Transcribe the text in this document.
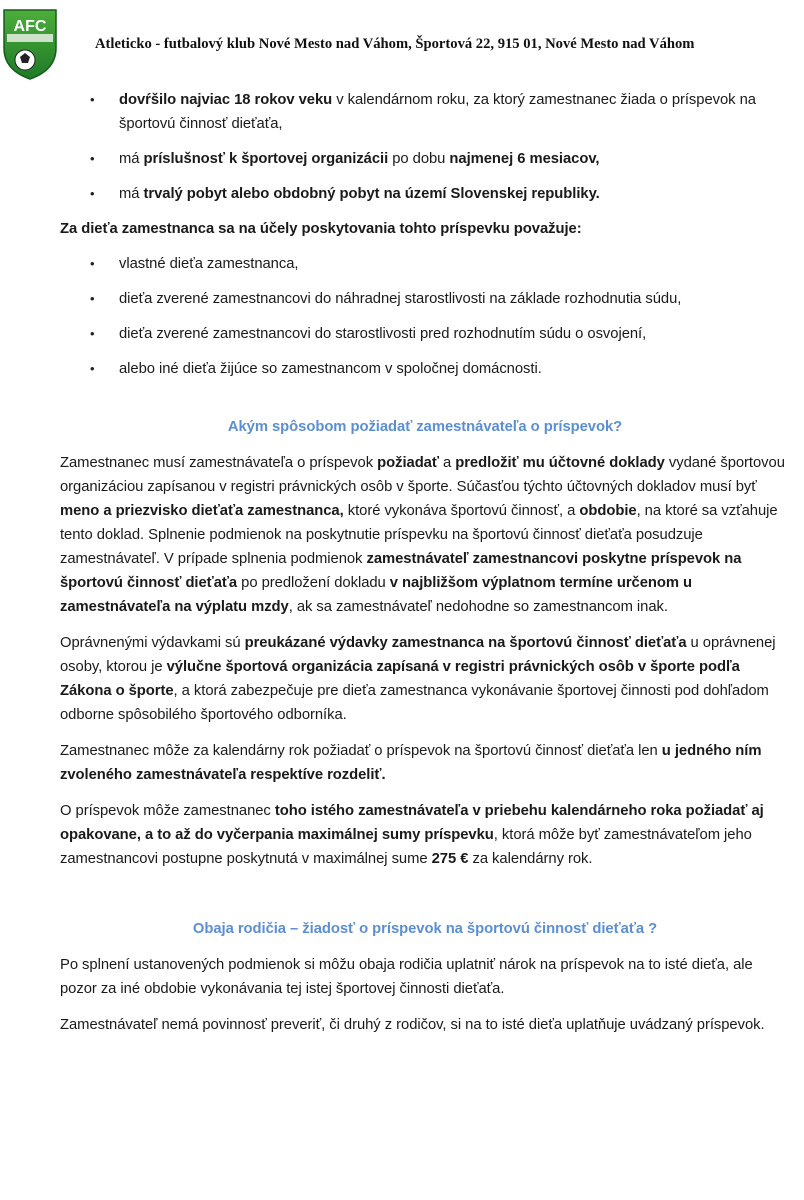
AFC
Atleticko - futbalový klub Nové Mesto nad Váhom, Športová 22, 915 01, Nové Mesto nad Váhom
• dovŕšilo najviac 18 rokov veku v kalendárnom roku, za ktorý zamestnanec žiada o príspevok na športovú činnosť dieťaťa,
• má príslušnosť k športovej organizácii po dobu najmenej 6 mesiacov,
• má trvalý pobyt alebo obdobný pobyt na území Slovenskej republiky.

Za dieťa zamestnanca sa na účely poskytovania tohto príspevku považuje:

• vlastné dieťa zamestnanca,
• dieťa zverené zamestnancovi do náhradnej starostlivosti na základe rozhodnutia súdu,
• dieťa zverené zamestnancovi do starostlivosti pred rozhodnutím súdu o osvojení,
• alebo iné dieťa žijúce so zamestnancom v spoločnej domácnosti.
Akým spôsobom požiadať zamestnávateľa o príspevok?

Zamestnanec musí zamestnávateľa o príspevok požiadať a predložiť mu účtovné doklady vydané športovou organizáciou zapísanou v registri právnických osôb v športe. Súčasťou týchto účtovných dokladov musí byť meno a priezvisko dieťaťa zamestnanca, ktoré vykonáva športovú činnosť, a obdobie, na ktoré sa vzťahuje tento doklad. Splnenie podmienok na poskytnutie príspevku na športovú činnosť dieťaťa posudzuje zamestnávateľ. V prípade splnenia podmienok zamestnávateľ zamestnancovi poskytne príspevok na športovú činnosť dieťaťa po predložení dokladu v najbližšom výplatnom termíne určenom u zamestnávateľa na výplatu mzdy, ak sa zamestnávateľ nedohodne so zamestnancom inak.

Oprávnenými výdavkami sú preukázané výdavky zamestnanca na športovú činnosť dieťaťa u oprávnenej osoby, ktorou je výlučne športová organizácia zapísaná v registri právnických osôb v športe podľa Zákona o športe, a ktorá zabezpečuje pre dieťa zamestnanca vykonávanie športovej činnosti pod dohľadom odborne spôsobilého športového odborníka.

Zamestnanec môže za kalendárny rok požiadať o príspevok na športovú činnosť dieťaťa len u jedného ním zvoleného zamestnávateľa respektíve rozdeliť.

O príspevok môže zamestnanec toho istého zamestnávateľa v priebehu kalendárneho roka požiadať aj opakovane, a to až do vyčerpania maximálnej sumy príspevku, ktorá môže byť zamestnávateľom jeho zamestnancovi postupne poskytnutá v maximálnej sume 275 € za kalendárny rok.

Obaja rodičia – žiadosť o príspevok na športovú činnosť dieťaťa ?

Po splnení ustanovených podmienok si môžu obaja rodičia uplatniť nárok na príspevok na to isté dieťa, ale pozor za iné obdobie vykonávania tej istej športovej činnosti dieťaťa.

Zamestnávateľ nemá povinnosť preveriť, či druhý z rodičov, si na to isté dieťa uplatňuje uvádzaný príspevok.
